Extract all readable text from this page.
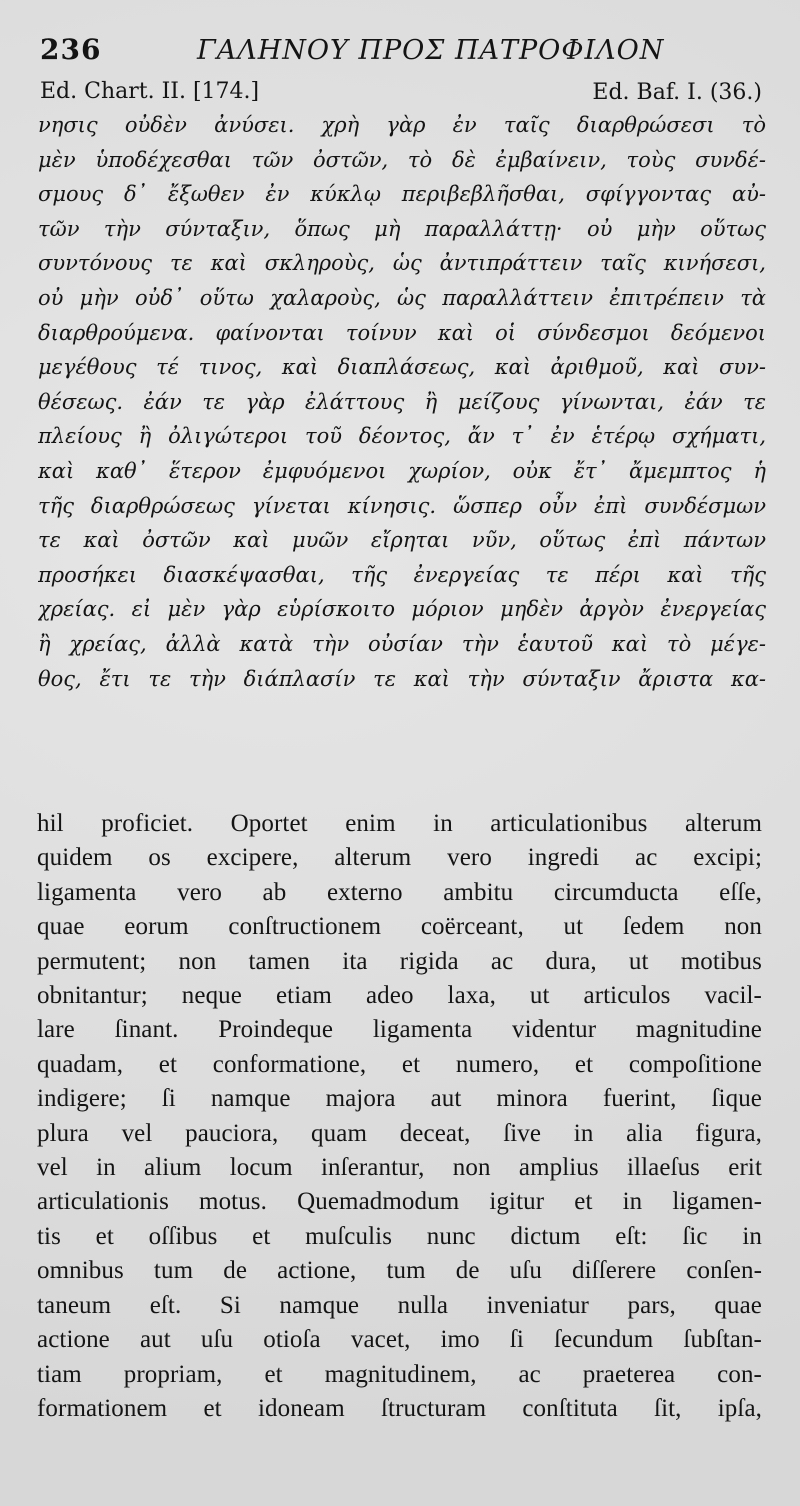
236	ΓΑΛΗΝΟΥ ΠΡΟΣ ΠΑΤΡΟΦΙΛΟΝ
Ed. Chart. II. [174.]	Ed. Baf. I. (36.)
νησις οὐδὲν ἀνύσει. χρὴ γὰρ ἐν ταῖς διαρθρώσεσι τὸ
μὲν ὑποδέχεσθαι τῶν ὀστῶν, τὸ δὲ ἐμβαίνειν, τοὺς συνδέ-
σμους δ᾽ ἔξωθεν ἐν κύκλῳ περιβεβλῆσθαι, σφίγγοντας αὐ-
τῶν τὴν σύνταξιν, ὅπως μὴ παραλλάττῃ· οὐ μὴν οὕτως
συντόνους τε καὶ σκληροὺς, ὡς ἀντιπράττειν ταῖς κινήσεσι,
οὐ μὴν οὐδ᾽ οὕτω χαλαροὺς, ὡς παραλλάττειν ἐπιτρέπειν τὰ
διαρθρούμενα. φαίνονται τοίνυν καὶ οἱ σύνδεσμοι δεόμενοι
μεγέθους τέ τινος, καὶ διαπλάσεως, καὶ ἀριθμοῦ, καὶ συν-
θέσεως. ἐάν τε γὰρ ἐλάττους ἢ μείζους γίνωνται, ἐάν τε
πλείους ἢ ὀλιγώτεροι τοῦ δέοντος, ἄν τ᾽ ἐν ἑτέρῳ σχήματι,
καὶ καθ᾽ ἕτερον ἐμφυόμενοι χωρίον, οὐκ ἔτ᾽ ἄμεμπτος ἡ
τῆς διαρθρώσεως γίνεται κίνησις. ὥσπερ οὖν ἐπὶ συνδέσμων
τε καὶ ὀστῶν καὶ μυῶν εἴρηται νῦν, οὕτως ἐπὶ πάντων
προσήκει διασκέψασθαι, τῆς ἐνεργείας τε πέρι καὶ τῆς
χρείας. εἰ μὲν γὰρ εὑρίσκοιτο μόριον μηδὲν ἀργὸν ἐνεργείας
ἢ χρείας, ἀλλὰ κατὰ τὴν οὐσίαν τὴν ἑαυτοῦ καὶ τὸ μέγε-
θος, ἔτι τε τὴν διάπλασίν τε καὶ τὴν σύνταξιν ἄριστα κα-
hil proficiet. Oportet enim in articulationibus alterum
quidem os excipere, alterum vero ingredi ac excipi;
ligamenta vero ab externo ambitu circumducta eſſe,
quae eorum conſtructionem coërceant, ut ſedem non
permutent; non tamen ita rigida ac dura, ut motibus
obnitantur; neque etiam adeo laxa, ut articulos vacil-
lare ſinant. Proindeque ligamenta videntur magnitudine
quadam, et conformatione, et numero, et compoſitione
indigere; ſi namque majora aut minora fuerint, ſique
plura vel pauciora, quam deceat, ſive in alia figura,
vel in alium locum inſerantur, non amplius illaeſus erit
articulationis motus. Quemadmodum igitur et in ligamen-
tis et oſſibus et muſculis nunc dictum eſt: ſic in
omnibus tum de actione, tum de uſu diſſerere conſen-
taneum eſt. Si namque nulla inveniatur pars, quae
actione aut uſu otioſa vacet, imo ſi ſecundum ſubſtan-
tiam propriam, et magnitudinem, ac praeterea con-
formationem et idoneam ſtructuram conſtituta ſit, ipſa,
